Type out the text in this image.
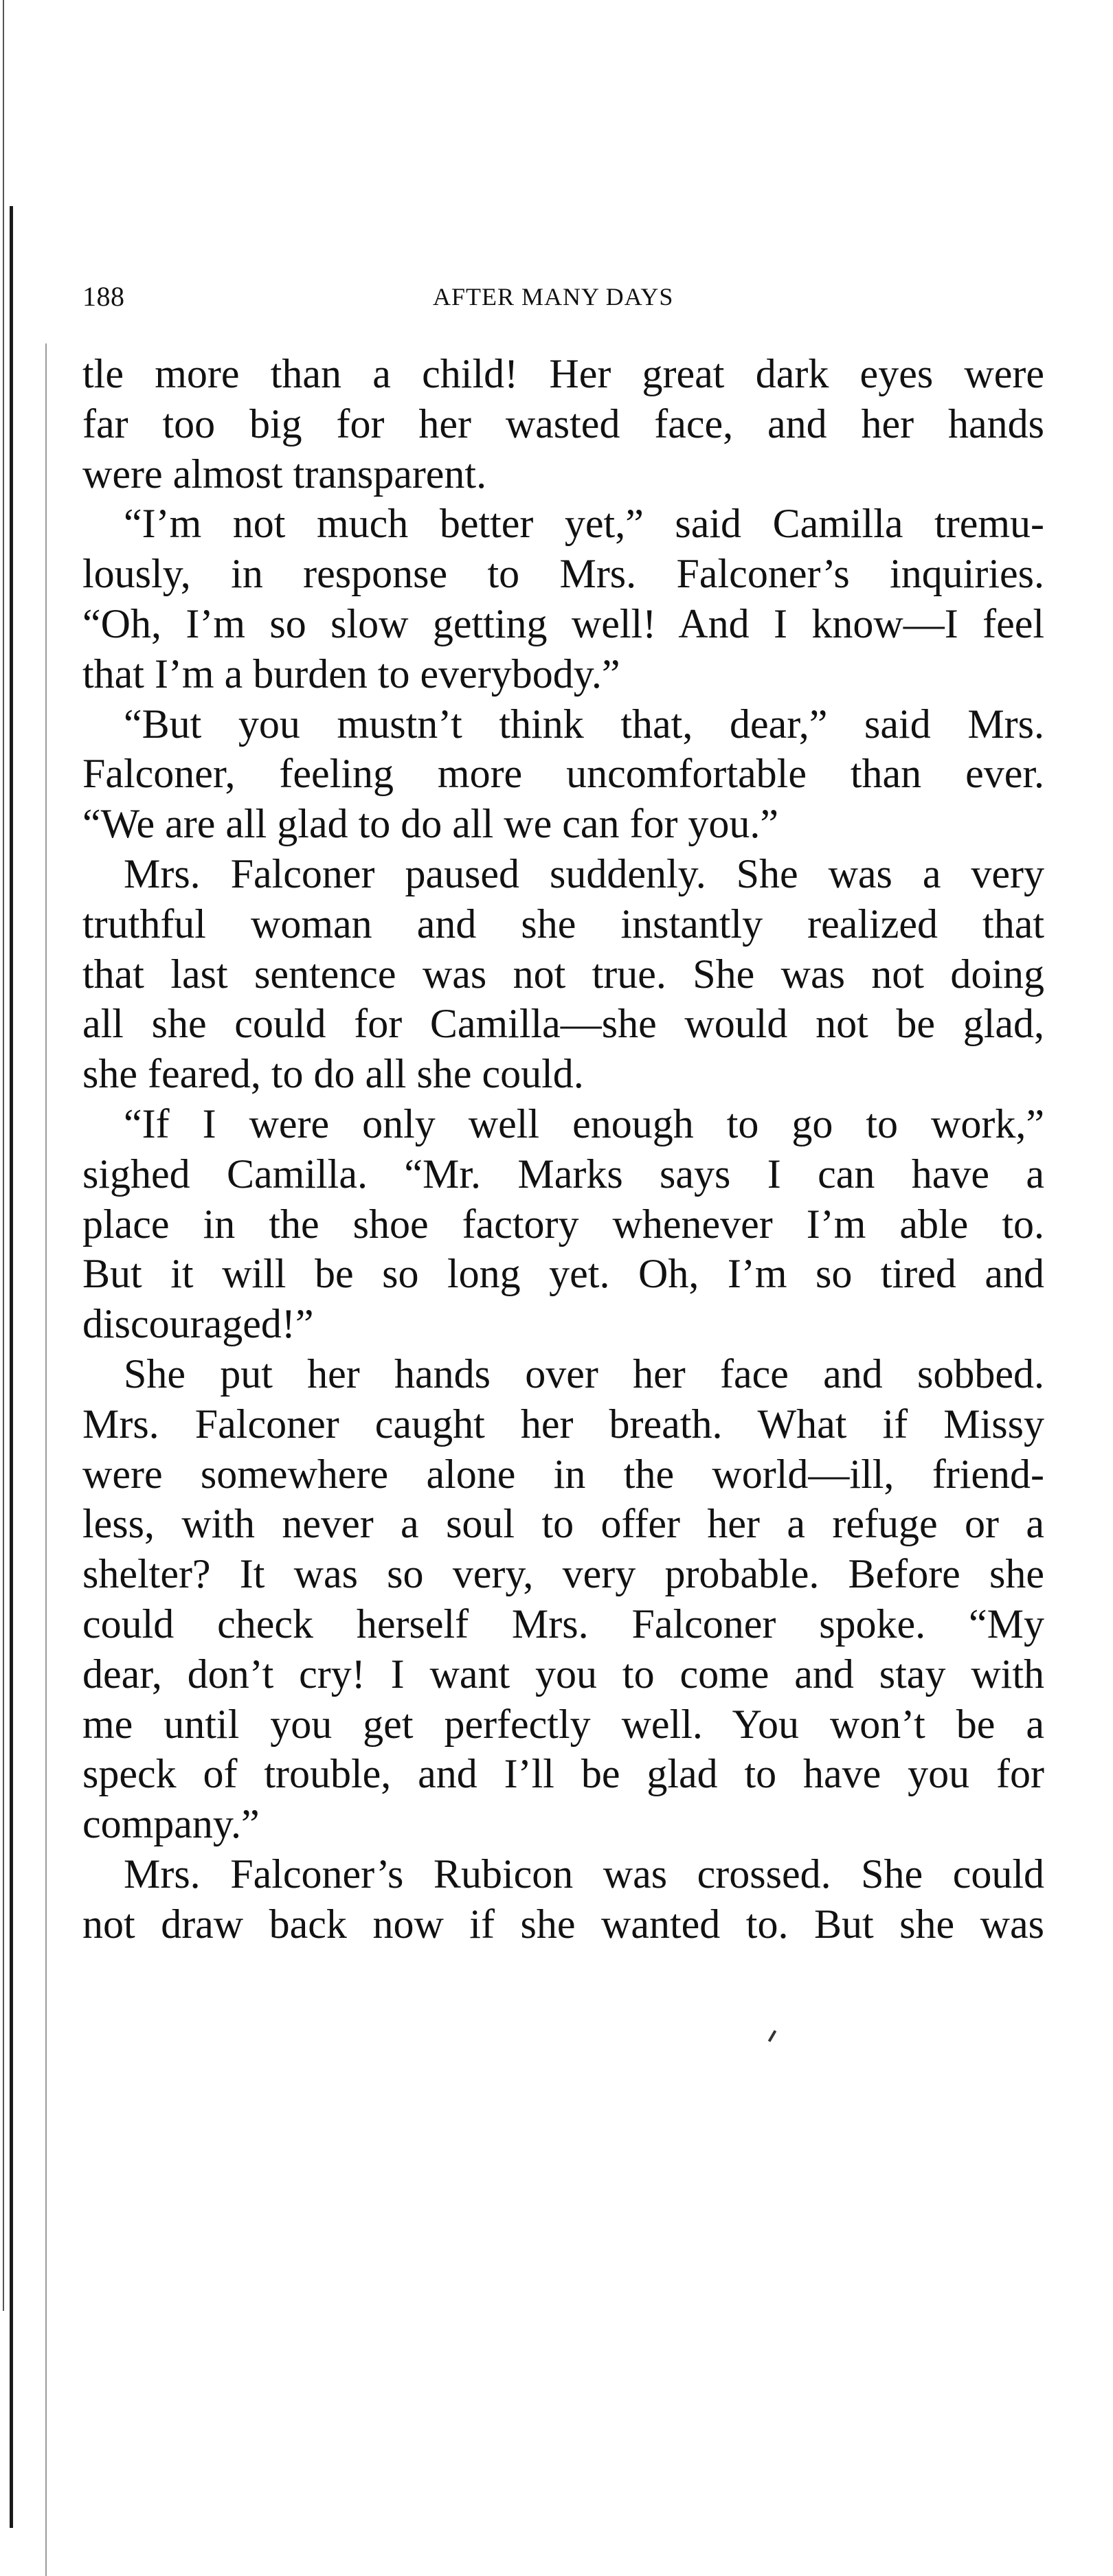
188	AFTER MANY DAYS
tle more than a child! Her great dark eyes were
far too big for her wasted face, and her hands
were almost transparent.
“I’m not much better yet,” said Camilla tremu-
lously, in response to Mrs. Falconer’s inquiries.
“Oh, I’m so slow getting well! And I know—I feel
that I’m a burden to everybody.”
“But you mustn’t think that, dear,” said Mrs.
Falconer, feeling more uncomfortable than ever.
“We are all glad to do all we can for you.”
Mrs. Falconer paused suddenly. She was a very
truthful woman and she instantly realized that
that last sentence was not true. She was not doing
all she could for Camilla—she would not be glad,
she feared, to do all she could.
“If I were only well enough to go to work,”
sighed Camilla. “Mr. Marks says I can have a
place in the shoe factory whenever I’m able to.
But it will be so long yet. Oh, I’m so tired and
discouraged!”
She put her hands over her face and sobbed.
Mrs. Falconer caught her breath. What if Missy
were somewhere alone in the world—ill, friend-
less, with never a soul to offer her a refuge or a
shelter? It was so very, very probable. Before she
could check herself Mrs. Falconer spoke. “My
dear, don’t cry! I want you to come and stay with
me until you get perfectly well. You won’t be a
speck of trouble, and I’ll be glad to have you for
company.”
Mrs. Falconer’s Rubicon was crossed. She could
not draw back now if she wanted to. But she was
